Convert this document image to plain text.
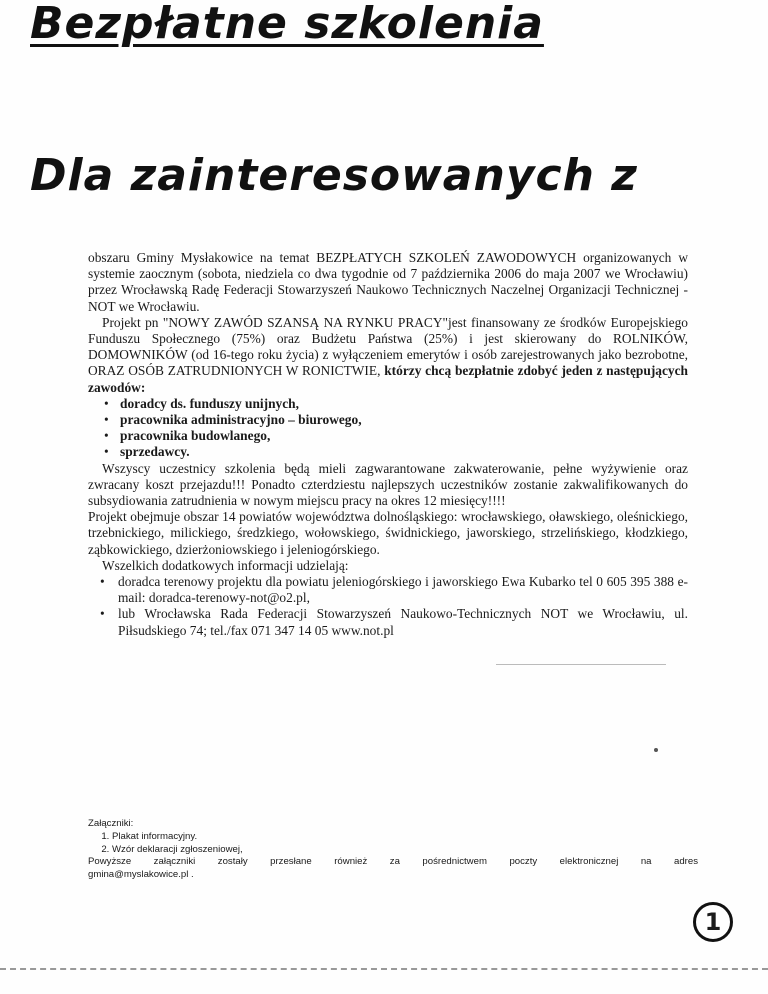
Bezpłatne szkolenia
Dla zainteresowanych z

obszaru Gminy Mysłakowice na temat BEZPŁATYCH SZKOLEŃ ZAWODOWYCH organizowanych w systemie zaocznym (sobota, niedziela co dwa tygodnie od 7 października 2006 do maja 2007 we Wrocławiu) przez Wrocławską Radę Federacji Stowarzyszeń Naukowo Technicznych Naczelnej Organizacji Technicznej - NOT we Wrocławiu.

Projekt pn "NOWY ZAWÓD SZANSĄ NA RYNKU PRACY"jest finansowany ze środków Europejskiego Funduszu Społecznego (75%) oraz Budżetu Państwa (25%) i jest skierowany do ROLNIKÓW, DOMOWNIKÓW (od 16-tego roku życia) z wyłączeniem emerytów i osób zarejestrowanych jako bezrobotne, ORAZ OSÓB ZATRUDNIONYCH W RONICTWIE, którzy chcą bezpłatnie zdobyć jeden z następujących zawodów:

• doradcy ds. funduszy unijnych,
• pracownika administracyjno – biurowego,
• pracownika budowlanego,
• sprzedawcy.

Wszyscy uczestnicy szkolenia będą mieli zagwarantowane zakwaterowanie, pełne wyżywienie oraz zwracany koszt przejazdu!!! Ponadto czterdziestu najlepszych uczestników zostanie zakwalifikowanych do subsydiowania zatrudnienia w nowym miejscu pracy na okres 12 miesięcy!!!!

Projekt obejmuje obszar 14 powiatów województwa dolnośląskiego: wrocławskiego, oławskiego, oleśnickiego, trzebnickiego, milickiego, średzkiego, wołowskiego, świdnickiego, jaworskiego, strzelińskiego, kłodzkiego, ząbkowickiego, dzierżoniowskiego i jeleniogórskiego.

Wszelkich dodatkowych informacji udzielają:

• doradca terenowy projektu dla powiatu jeleniogórskiego i jaworskiego Ewa Kubarko tel 0 605 395 388 e-mail: doradca-terenowy-not@o2.pl,
• lub Wrocławska Rada Federacji Stowarzyszeń Naukowo-Technicznych NOT we Wrocławiu, ul. Piłsudskiego 74; tel./fax 071 347 14 05 www.not.pl

Załączniki:

1. Plakat informacyjny.
2. Wzór deklaracji zgłoszeniowej,

Powyższe załączniki zostały przesłane również za pośrednictwem poczty elektronicznej na adres

gmina@myslakowice.pl .

1
